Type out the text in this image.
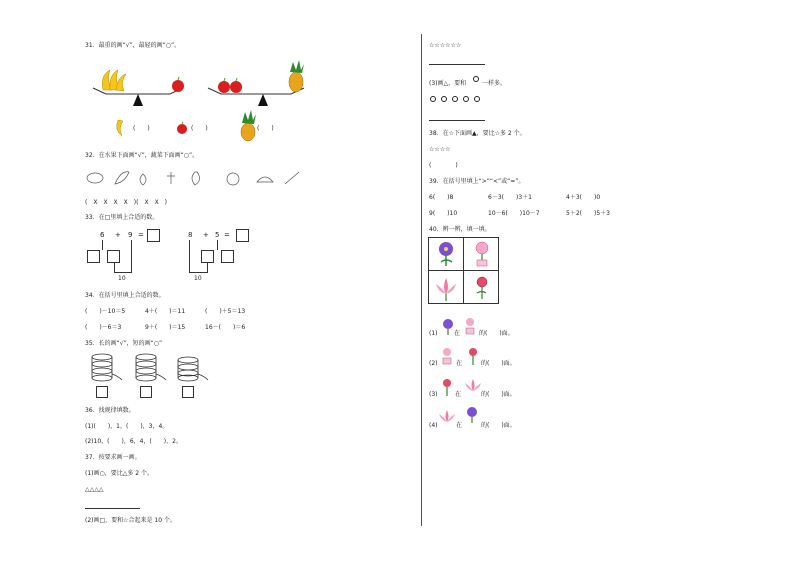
31．最重的画“√”，最轻的画“○”。
(　　)	(　　)	(　　)
32．在水果下面画“√”，蔬菜下面画“○”。
(　X　X　X　X　)(　X　X　)
33．在□里填上合适的数。
6 + 9 =
10
8 + 5 =
10
34．在括号里填上合适的数。
(　　)－10＝5	4＋(　　)＝11	(　　)＋5＝13
(　　)－6＝3	9＋(　　)＝15	16－(　　)＝6
35．长的画“√”，短的画“○”
36．找规律填数。
(1)(　　)，1，(　　)，3，4。
(2)10，(　　)，6，4，(　　)，2。
37．按要求画一画。
(1)画○，要比△多 2 个。
△△△△
(2)画□，要和☆合起来是 10 个。
☆☆☆☆☆☆
(3)画△，要和	一样多。
38．在☆下面画▲，要比☆多 2 个。
☆☆☆☆
(　　　　)
39．在括号里填上“>”“<”或“=”。
6(　　)8	6－3(　　)3＋1	4＋3(　　)0
9(　　)10	10－6(　　)10－7	5＋2(　　)5＋3
40．辨一辨，填一填。
(1)	在	的(　　)面。
(2)	在	的(　　)面。
(3)	在	的(　　)面。
(4)	在	的(　　)面。
